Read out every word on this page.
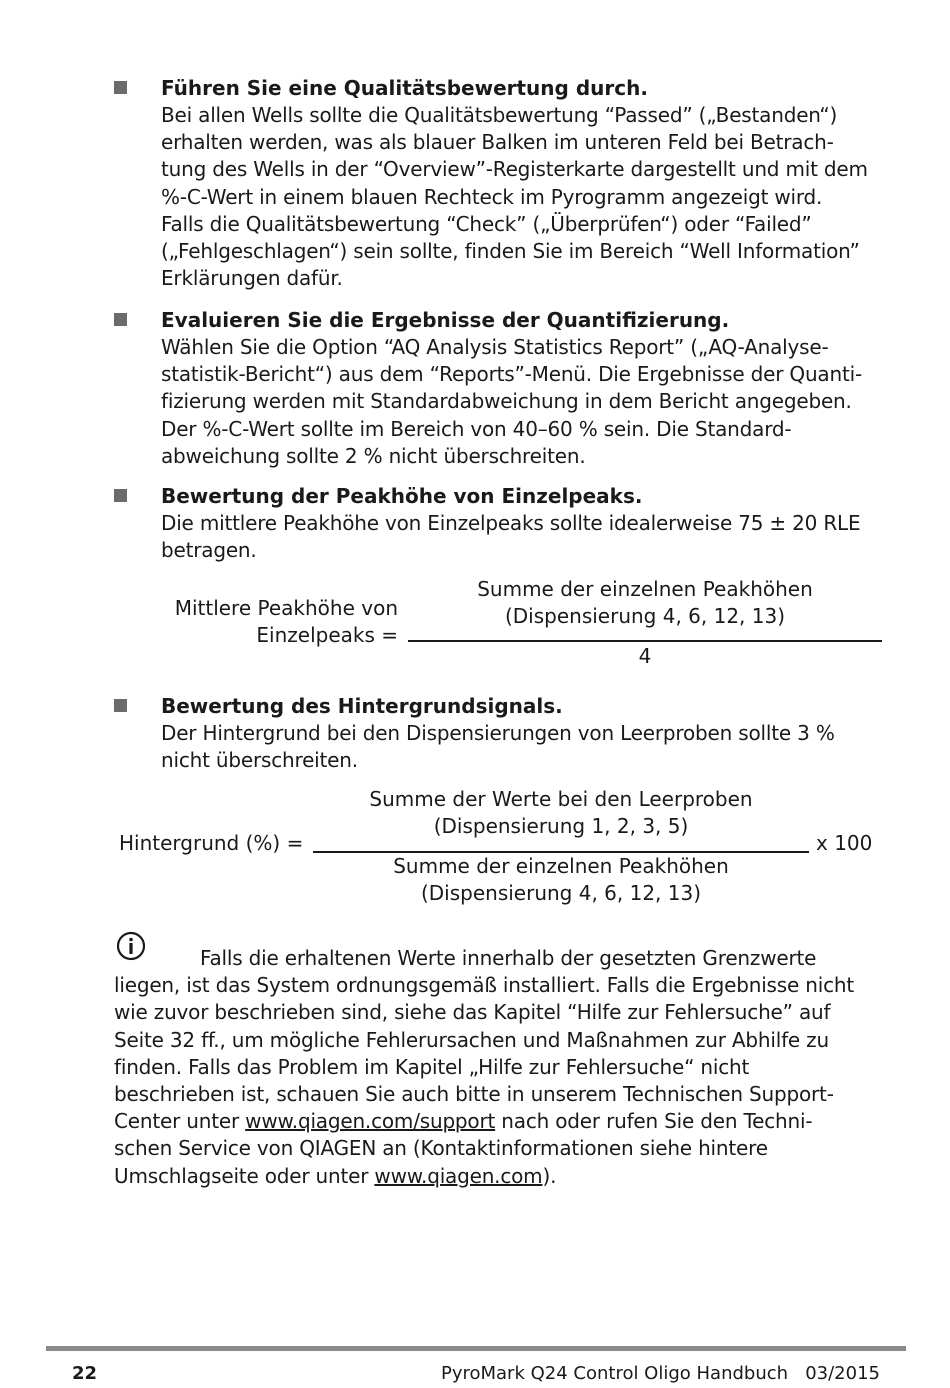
Führen Sie eine Qualitätsbewertung durch.

Bei allen Wells sollte die Qualitätsbewertung “Passed” („Bestanden“)
erhalten werden, was als blauer Balken im unteren Feld bei Betrach-
tung des Wells in der “Overview”-Registerkarte dargestellt und mit dem
%-C-Wert in einem blauen Rechteck im Pyrogramm angezeigt wird.
Falls die Qualitätsbewertung “Check” („Überprüfen“) oder “Failed”
(„Fehlgeschlagen“) sein sollte, finden Sie im Bereich “Well Information”
Erklärungen dafür.

Evaluieren Sie die Ergebnisse der Quantifizierung.

Wählen Sie die Option “AQ Analysis Statistics Report” („AQ-Analyse-
statistik-Bericht“) aus dem “Reports”-Menü. Die Ergebnisse der Quanti-
fizierung werden mit Standardabweichung in dem Bericht angegeben.
Der %-C-Wert sollte im Bereich von 40–60 % sein. Die Standard-
abweichung sollte 2 % nicht überschreiten.

Bewertung der Peakhöhe von Einzelpeaks.

Die mittlere Peakhöhe von Einzelpeaks sollte idealerweise 75 ± 20 RLE
betragen.

Mittlere Peakhöhe von
Einzelpeaks =
Summe der einzelnen Peakhöhen
(Dispensierung 4, 6, 12, 13)
4

Bewertung des Hintergrundsignals.

Der Hintergrund bei den Dispensierungen von Leerproben sollte 3 %
nicht überschreiten.

Hintergrund (%) =
Summe der Werte bei den Leerproben
(Dispensierung 1, 2, 3, 5)
Summe der einzelnen Peakhöhen
(Dispensierung 4, 6, 12, 13)
x 100

Falls die erhaltenen Werte innerhalb der gesetzten Grenzwerte
liegen, ist das System ordnungsgemäß installiert. Falls die Ergebnisse nicht
wie zuvor beschrieben sind, siehe das Kapitel “Hilfe zur Fehlersuche” auf
Seite 32 ff., um mögliche Fehlerursachen und Maßnahmen zur Abhilfe zu
finden. Falls das Problem im Kapitel „Hilfe zur Fehlersuche“ nicht
beschrieben ist, schauen Sie auch bitte in unserem Technischen Support-
Center unter www.qiagen.com/support nach oder rufen Sie den Techni-
schen Service von QIAGEN an (Kontaktinformationen siehe hintere
Umschlagseite oder unter www.qiagen.com).

22	PyroMark Q24 Control Oligo Handbuch   03/2015
